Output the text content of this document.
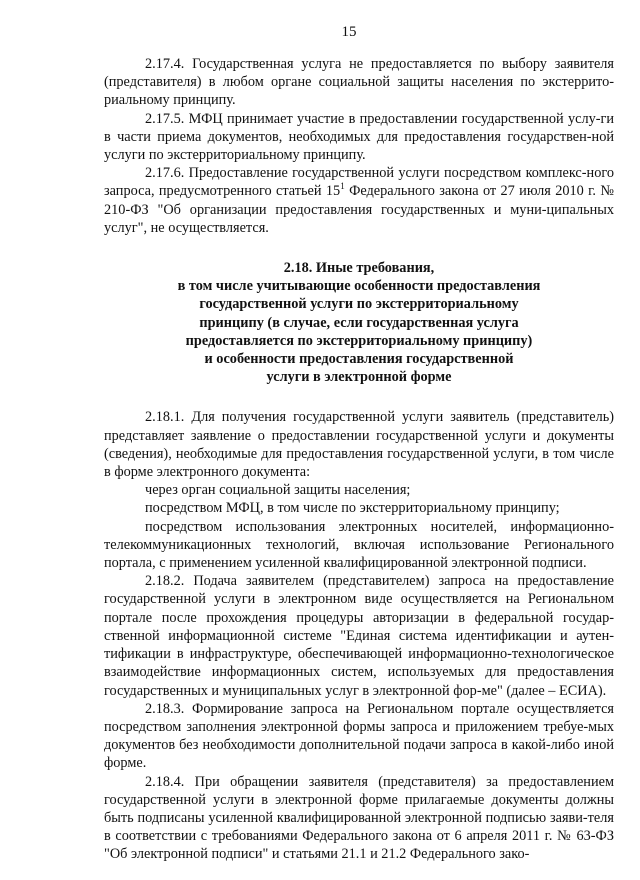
15

2.17.4. Государственная услуга не предоставляется по выбору заявителя (представителя) в любом органе социальной защиты населения по экстеррито-риальному принципу.

2.17.5. МФЦ принимает участие в предоставлении государственной услу-ги в части приема документов, необходимых для предоставления государствен-ной услуги по экстерриториальному принципу.

2.17.6. Предоставление государственной услуги посредством комплекс-ного запроса, предусмотренного статьей $15^1$ Федерального закона от 27 июля 2010 г. № 210-ФЗ "Об организации предоставления государственных и муни-ципальных услуг", не осуществляется.

2.18. Иные требования,
в том числе учитывающие особенности предоставления
государственной услуги по экстерриториальному
принципу (в случае, если государственная услуга
предоставляется по экстерриториальному принципу)
и особенности предоставления государственной
услуги в электронной форме

2.18.1. Для получения государственной услуги заявитель (представитель) представляет заявление о предоставлении государственной услуги и документы (сведения), необходимые для предоставления государственной услуги, в том числе в форме электронного документа:

через орган социальной защиты населения;

посредством МФЦ, в том числе по экстерриториальному принципу;

посредством использования электронных носителей, информационно-телекоммуникационных технологий, включая использование Регионального портала, с применением усиленной квалифицированной электронной подписи.

2.18.2. Подача заявителем (представителем) запроса на предоставление государственной услуги в электронном виде осуществляется на Региональном портале после прохождения процедуры авторизации в федеральной государ-ственной информационной системе "Единая система идентификации и аутен-тификации в инфраструктуре, обеспечивающей информационно-технологическое взаимодействие информационных систем, используемых для предоставления государственных и муниципальных услуг в электронной фор-ме" (далее – ЕСИА).

2.18.3. Формирование запроса на Региональном портале осуществляется посредством заполнения электронной формы запроса и приложением требуе-мых документов без необходимости дополнительной подачи запроса в какой-либо иной форме.

2.18.4. При обращении заявителя (представителя) за предоставлением государственной услуги в электронной форме прилагаемые документы должны быть подписаны усиленной квалифицированной электронной подписью заяви-теля в соответствии с требованиями Федерального закона от 6 апреля 2011 г. № 63-ФЗ "Об электронной подписи" и статьями 21.1 и 21.2 Федерального зако-
